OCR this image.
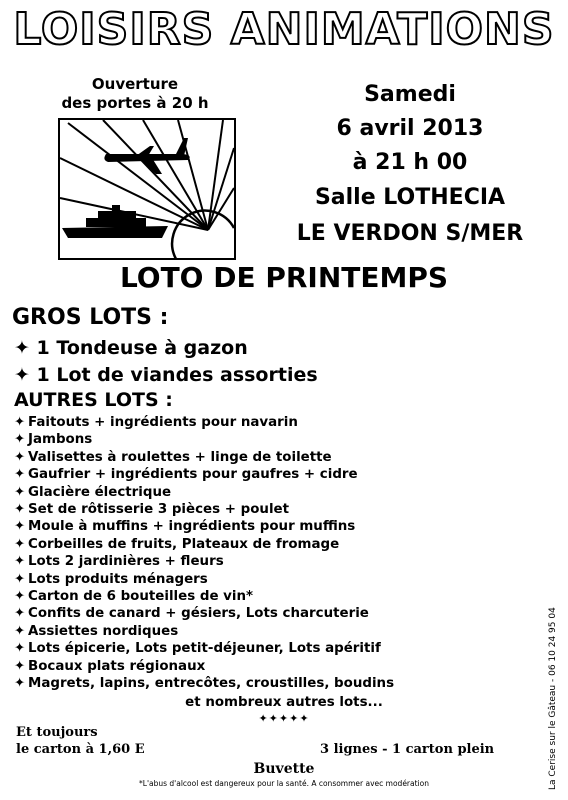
LOISIRS ANIMATIONS
Ouverture
des portes à 20 h	Samedi
6 avril 2013
à 21 h 00
Salle LOTHECIA
LE VERDON S/MER
LOTO DE PRINTEMPS
GROS LOTS :
✦ 1 Tondeuse à gazon
✦ 1 Lot de viandes assorties
AUTRES LOTS :
✦ Faitouts + ingrédients pour navarin
✦ Jambons
✦ Valisettes à roulettes + linge de toilette
✦ Gaufrier + ingrédients pour gaufres + cidre
✦ Glacière électrique
✦ Set de rôtisserie 3 pièces + poulet
✦ Moule à muffins + ingrédients pour muffins
✦ Corbeilles de fruits, Plateaux de fromage
✦ Lots 2 jardinières + fleurs
✦ Lots produits ménagers
✦ Carton de 6 bouteilles de vin*
✦ Confits de canard + gésiers, Lots charcuterie
✦ Assiettes nordiques
✦ Lots épicerie, Lots petit-déjeuner, Lots apéritif
✦ Bocaux plats régionaux
✦ Magrets, lapins, entrecôtes, croustilles, boudins
et nombreux autres lots...
✦✦✦✦✦
Et toujours
le carton à 1,60 E	3 lignes - 1 carton plein
Buvette
*L'abus d'alcool est dangereux pour la santé. A consommer avec modération	La Cerise sur le Gâteau - 06 10 24 95 04
